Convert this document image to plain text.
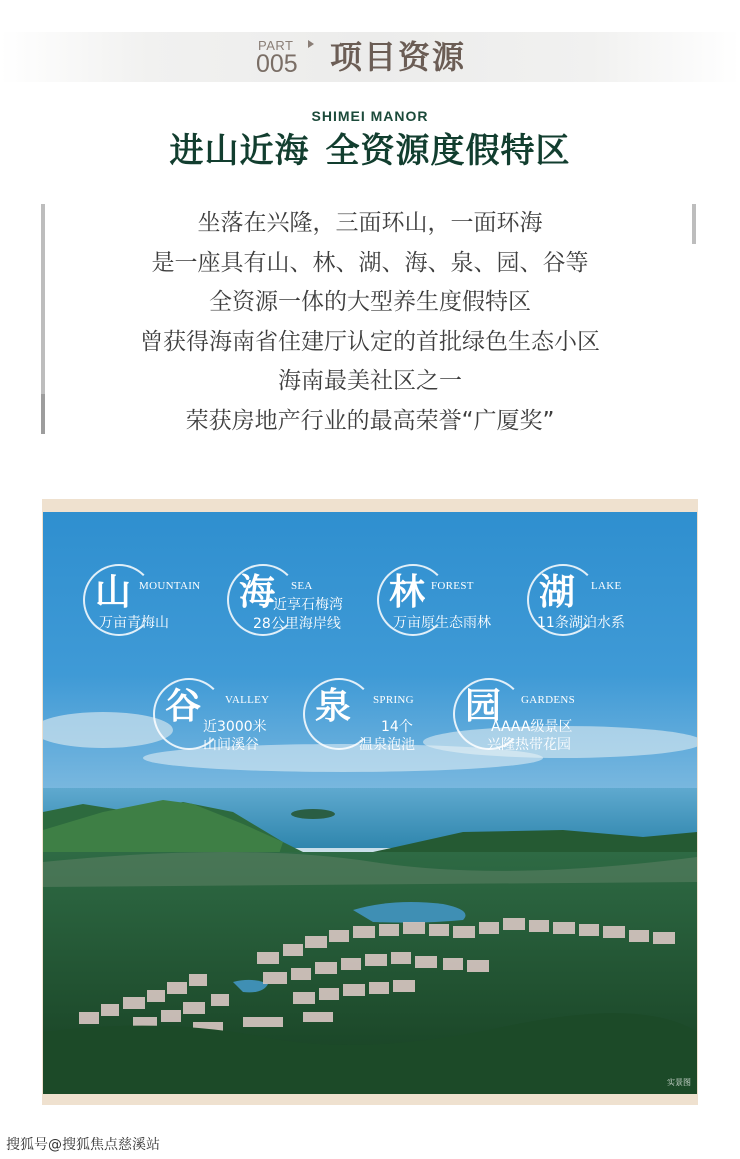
PART
005 项目资源
SHIMEI MANOR
进山近海 全资源度假特区
坐落在兴隆，三面环山，一面环海
是一座具有山、林、湖、海、泉、园、谷等
全资源一体的大型养生度假特区
曾获得海南省住建厅认定的首批绿色生态小区
海南最美社区之一
荣获房地产行业的最高荣誉“广厦奖”
山 MOUNTAIN
万亩青梅山
海 SEA
近享石梅湾
28公里海岸线
林 FOREST
万亩原生态雨林
湖 LAKE
11条湖泊水系
谷 VALLEY
近3000米
山间溪谷
泉 SPRING
14个
温泉泡池
园 GARDENS
AAAA级景区
兴隆热带花园
实景图
搜狐号@搜狐焦点慈溪站
